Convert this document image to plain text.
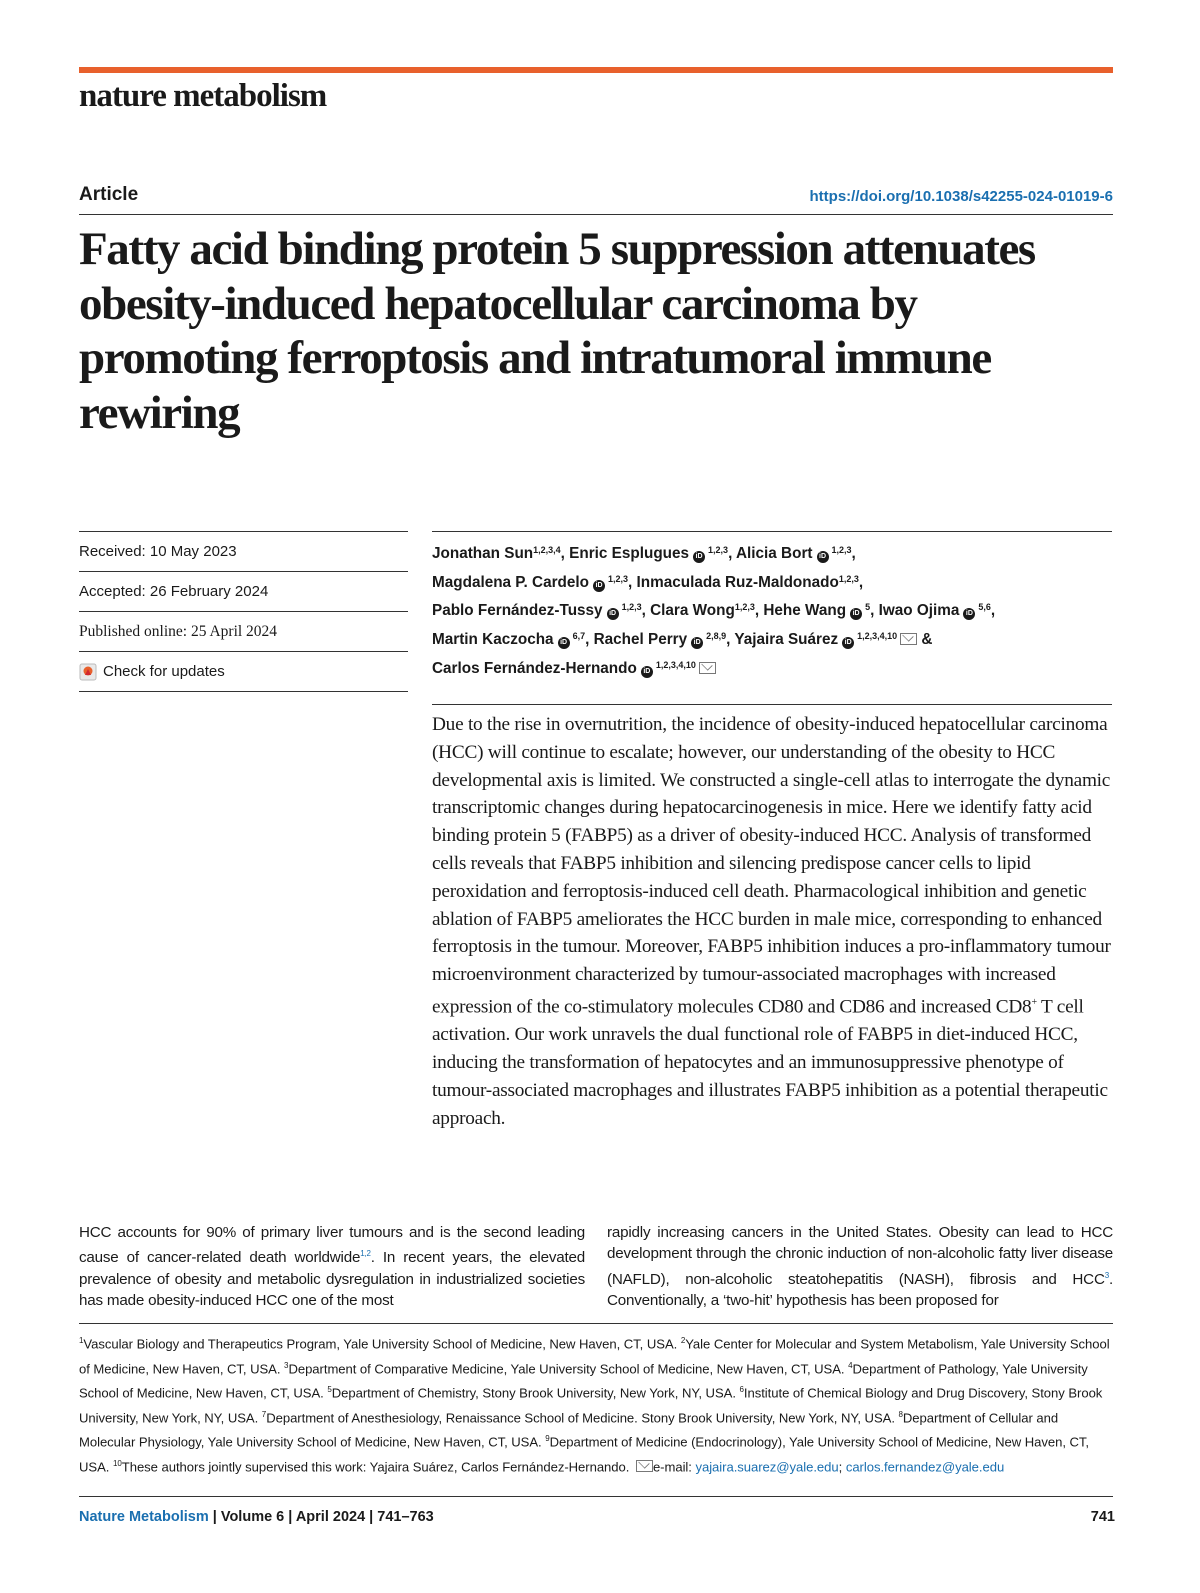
nature metabolism
Article	https://doi.org/10.1038/s42255-024-01019-6
Fatty acid binding protein 5 suppression attenuates obesity-induced hepatocellular carcinoma by promoting ferroptosis and intratumoral immune rewiring
Received: 10 May 2023
Accepted: 26 February 2024
Published online: 25 April 2024
Check for updates
Jonathan Sun$^{1,2,3,4}$, Enric Esplugues iD$^{1,2,3}$, Alicia Bort iD$^{1,2,3}$,
Magdalena P. Cardelo iD$^{1,2,3}$, Inmaculada Ruz-Maldonado$^{1,2,3}$,
Pablo Fernández-Tussy iD$^{1,2,3}$, Clara Wong$^{1,2,3}$, Hehe Wang $iD^5$, Iwao Ojima iD$^{5,6}$,
Martin Kaczocha iD$^{6,7}$, Rachel Perry iD$^{2,8,9}$, Yajaira Suárez iD$^{1,2,3,4,10}$ &
Carlos Fernández-Hernando iD$^{1,2,3,4,10}$

Due to the rise in overnutrition, the incidence of obesity-induced hepatocellular carcinoma (HCC) will continue to escalate; however, our understanding of the obesity to HCC developmental axis is limited. We constructed a single-cell atlas to interrogate the dynamic transcriptomic changes during hepatocarcinogenesis in mice. Here we identify fatty acid binding protein 5 (FABP5) as a driver of obesity-induced HCC. Analysis of transformed cells reveals that FABP5 inhibition and silencing predispose cancer cells to lipid peroxidation and ferroptosis-induced cell death. Pharmacological inhibition and genetic ablation of FABP5 ameliorates the HCC burden in male mice, corresponding to enhanced ferroptosis in the tumour. Moreover, FABP5 inhibition induces a pro-inflammatory tumour microenvironment characterized by tumour-associated macrophages with increased expression of the co-stimulatory molecules CD80 and CD86 and increased CD8+ T cell activation. Our work unravels the dual functional role of FABP5 in diet-induced HCC, inducing the transformation of hepatocytes and an immunosuppressive phenotype of tumour-associated macrophages and illustrates FABP5 inhibition as a potential therapeutic approach.

HCC accounts for 90% of primary liver tumours and is the second leading cause of cancer-related death worldwide$^{1,2}$. In recent years, the elevated prevalence of obesity and metabolic dysregulation in industrialized societies has made obesity-induced HCC one of the most

rapidly increasing cancers in the United States. Obesity can lead to HCC development through the chronic induction of non-alcoholic fatty liver disease (NAFLD), non-alcoholic steatohepatitis (NASH), fibrosis and HCC$^3$. Conventionally, a ‘two-hit’ hypothesis has been proposed for

$^1$Vascular Biology and Therapeutics Program, Yale University School of Medicine, New Haven, CT, USA. $^2$Yale Center for Molecular and System Metabolism, Yale University School of Medicine, New Haven, CT, USA. $^3$Department of Comparative Medicine, Yale University School of Medicine, New Haven, CT, USA. $^4$Department of Pathology, Yale University School of Medicine, New Haven, CT, USA. $^5$Department of Chemistry, Stony Brook University, New York, NY, USA. $^6$Institute of Chemical Biology and Drug Discovery, Stony Brook University, New York, NY, USA. $^7$Department of Anesthesiology, Renaissance School of Medicine. Stony Brook University, New York, NY, USA. $^8$Department of Cellular and Molecular Physiology, Yale University School of Medicine, New Haven, CT, USA. $^9$Department of Medicine (Endocrinology), Yale University School of Medicine, New Haven, CT, USA. $^{10}$These authors jointly supervised this work: Yajaira Suárez, Carlos Fernández-Hernando. e-mail: yajaira.suarez@yale.edu; carlos.fernandez@yale.edu

Nature Metabolism | Volume 6 | April 2024 | 741–763	741
